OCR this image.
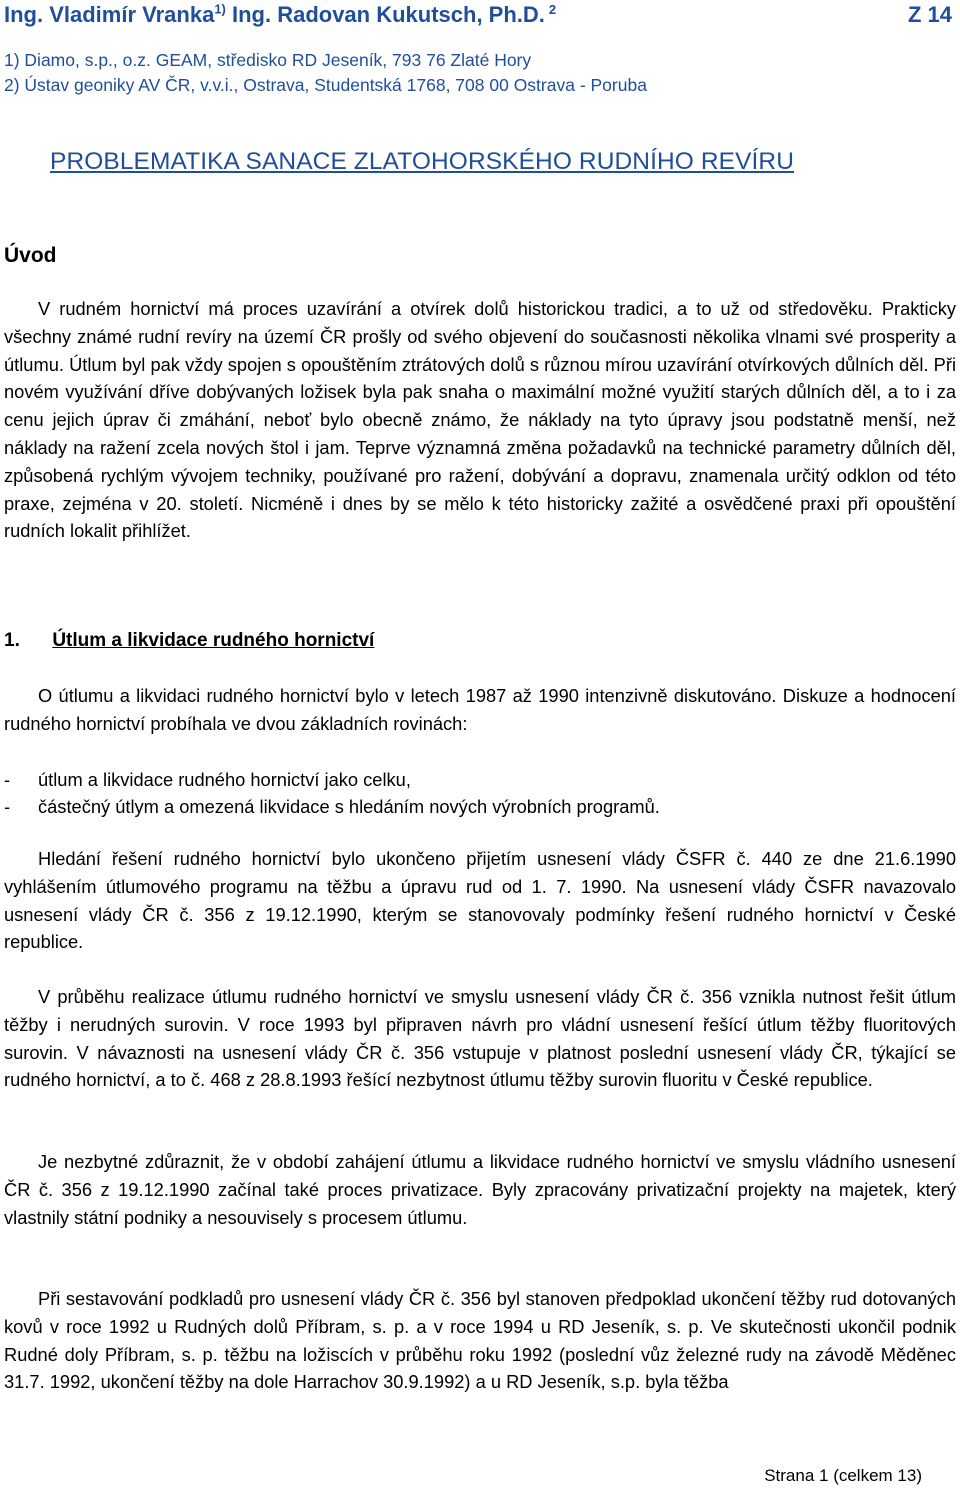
Ing. Vladimír Vranka$^{1)}$ Ing. Radovan Kukutsch, Ph.D. $^2$	Z 14
1) Diamo, s.p., o.z. GEAM, středisko RD Jeseník, 793 76 Zlaté Hory
2) Ústav geoniky AV ČR, v.v.i., Ostrava, Studentská 1768, 708 00 Ostrava - Poruba
PROBLEMATIKA SANACE ZLATOHORSKÉHO RUDNÍHO REVÍRU
Úvod
V rudném hornictví má proces uzavírání a otvírek dolů historickou tradici, a to už od středověku. Prakticky všechny známé rudní revíry na území ČR prošly od svého objevení do současnosti několika vlnami své prosperity a útlumu. Útlum byl pak vždy spojen s opouštěním ztrátových dolů s různou mírou uzavírání otvírkových důlních děl. Při novém využívání dříve dobývaných ložisek byla pak snaha o maximální možné využití starých důlních děl, a to i za cenu jejich úprav či zmáhání, neboť bylo obecně známo, že náklady na tyto úpravy jsou podstatně menší, než náklady na ražení zcela nových štol i jam. Teprve významná změna požadavků na technické parametry důlních děl, způsobená rychlým vývojem techniky, používané pro ražení, dobývání a dopravu, znamenala určitý odklon od této praxe, zejména v 20. století. Nicméně i dnes by se mělo k této historicky zažité a osvědčené praxi při opouštění rudních lokalit přihlížet.
1. Útlum a likvidace rudného hornictví
O útlumu a likvidaci rudného hornictví bylo v letech 1987 až 1990 intenzivně diskutováno. Diskuze a hodnocení rudného hornictví probíhala ve dvou základních rovinách:
- útlum a likvidace rudného hornictví jako celku,
- částečný útlym a omezená likvidace s hledáním nových výrobních programů.
Hledání řešení rudného hornictví bylo ukončeno přijetím usnesení vlády ČSFR č. 440 ze dne 21.6.1990 vyhlášením útlumového programu na těžbu a úpravu rud od 1. 7. 1990. Na usnesení vlády ČSFR navazovalo usnesení vlády ČR č. 356 z 19.12.1990, kterým se stanovovaly podmínky řešení rudného hornictví v České republice.
V průběhu realizace útlumu rudného hornictví ve smyslu usnesení vlády ČR č. 356 vznikla nutnost řešit útlum těžby i nerudných surovin. V roce 1993 byl připraven návrh pro vládní usnesení řešící útlum těžby fluoritových surovin. V návaznosti na usnesení vlády ČR č. 356 vstupuje v platnost poslední usnesení vlády ČR, týkající se rudného hornictví, a to č. 468 z 28.8.1993 řešící nezbytnost útlumu těžby surovin fluoritu v České republice.
Je nezbytné zdůraznit, že v období zahájení útlumu a likvidace rudného hornictví ve smyslu vládního usnesení ČR č. 356 z 19.12.1990 začínal také proces privatizace. Byly zpracovány privatizační projekty na majetek, který vlastnily státní podniky a nesouvisely s procesem útlumu.
Při sestavování podkladů pro usnesení vlády ČR č. 356 byl stanoven předpoklad ukončení těžby rud dotovaných kovů v roce 1992 u Rudných dolů Příbram, s. p. a v roce 1994 u RD Jeseník, s. p. Ve skutečnosti ukončil podnik Rudné doly Příbram, s. p. těžbu na ložiscích v průběhu roku 1992 (poslední vůz železné rudy na závodě Měděnec 31.7. 1992, ukončení těžby na dole Harrachov 30.9.1992) a u RD Jeseník, s.p. byla těžba
Strana 1 (celkem 13)
